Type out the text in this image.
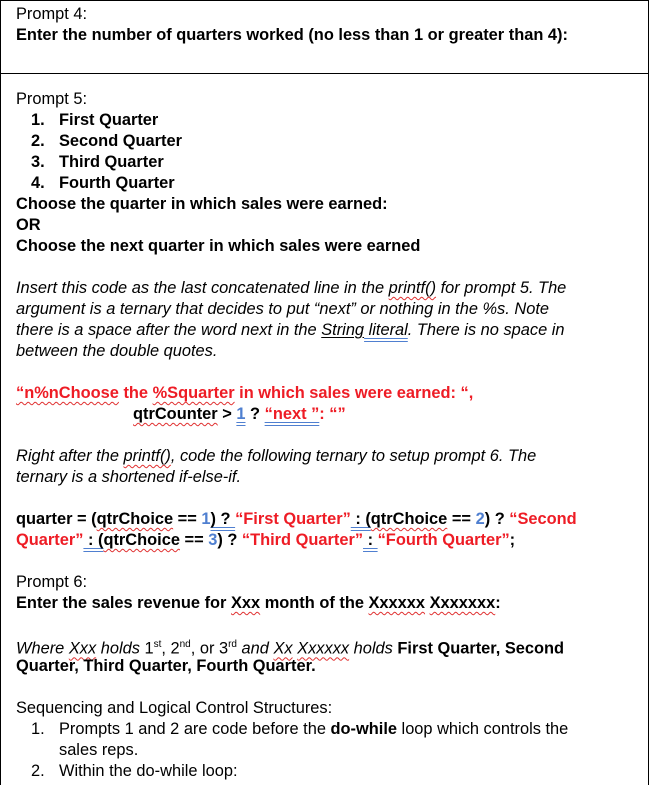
Prompt 4:
Enter the number of quarters worked (no less than 1 or greater than 4):
Prompt 5:
1. First Quarter
2. Second Quarter
3. Third Quarter
4. Fourth Quarter
Choose the quarter in which sales were earned:
OR
Choose the next quarter in which sales were earned
Insert this code as the last concatenated line in the printf() for prompt 5. The
argument is a ternary that decides to put “next” or nothing in the %s. Note
there is a space after the word next in the String literal. There is no space in
between the double quotes.
“n%nChoose the %Squarter in which sales were earned: “,
qtrCounter > 1 ? “next ”: “”
Right after the printf(), code the following ternary to setup prompt 6. The
ternary is a shortened if-else-if.
quarter = (qtrChoice == 1) ? “First Quarter” : (qtrChoice == 2) ? “Second
Quarter” : (qtrChoice == 3) ? “Third Quarter” : “Fourth Quarter”;
Prompt 6:
Enter the sales revenue for Xxx month of the Xxxxxx Xxxxxxx:
Where Xxx holds 1st, 2nd, or 3rd and Xx Xxxxxx holds First Quarter, Second
Quarter, Third Quarter, Fourth Quarter.
Sequencing and Logical Control Structures:
1. Prompts 1 and 2 are code before the do-while loop which controls the
sales reps.
2. Within the do-while loop:
